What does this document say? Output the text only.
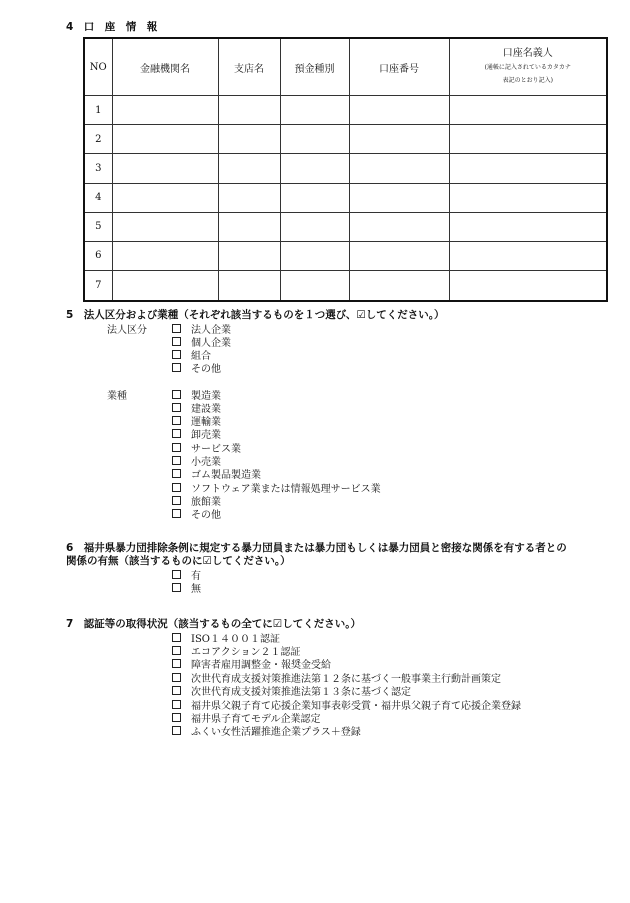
4　口　座　情　報
NO	金融機関名	支店名	預金種別	口座番号	口座名義人
(通帳に記入されているカタカナ
表記のとおり記入)

1					
2					
3					
4					
5					
6					
7					
5　法人区分および業種（それぞれ該当するものを１つ選び、☑してください。）
法人区分	法人企業
個人企業
組合
その他
業種	製造業
建設業
運輸業
卸売業
サービス業
小売業
ゴム製品製造業
ソフトウェア業または情報処理サービス業
旅館業
その他
6　福井県暴力団排除条例に規定する暴力団員または暴力団もしくは暴力団員と密接な関係を有する者との
関係の有無（該当するものに☑してください。）
有
無
7　認証等の取得状況（該当するもの全てに☑してください。）
ISO１４００１認証
エコアクション２１認証
障害者雇用調整金・報奨金受給
次世代育成支援対策推進法第１２条に基づく一般事業主行動計画策定
次世代育成支援対策推進法第１３条に基づく認定
福井県父親子育て応援企業知事表彰受賞・福井県父親子育て応援企業登録
福井県子育てモデル企業認定
ふくい女性活躍推進企業プラス＋登録
